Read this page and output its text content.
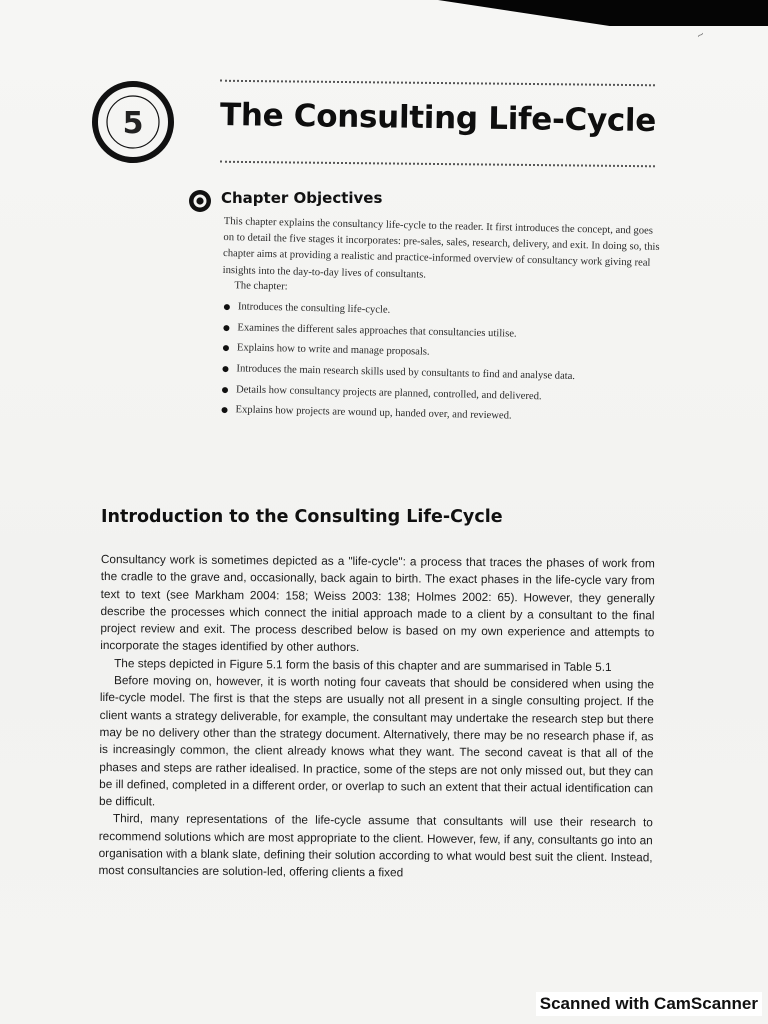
~
5 The Consulting Life-Cycle
Chapter Objectives

This chapter explains the consultancy life-cycle to the reader. It first introduces the concept, and goes on to detail the five stages it incorporates: pre-sales, sales, research, delivery, and exit. In doing so, this chapter aims at providing a realistic and practice-informed overview of consultancy work giving real insights into the day-to-day lives of consultants.

The chapter:

Introduces the consulting life-cycle.
Examines the different sales approaches that consultancies utilise.
Explains how to write and manage proposals.
Introduces the main research skills used by consultants to find and analyse data.
Details how consultancy projects are planned, controlled, and delivered.
Explains how projects are wound up, handed over, and reviewed.
Introduction to the Consulting Life-Cycle

Consultancy work is sometimes depicted as a "life-cycle": a process that traces the phases of work from the cradle to the grave and, occasionally, back again to birth. The exact phases in the life-cycle vary from text to text (see Markham 2004: 158; Weiss 2003: 138; Holmes 2002: 65). However, they generally describe the processes which connect the initial approach made to a client by a consultant to the final project review and exit. The process described below is based on my own experience and attempts to incorporate the stages identified by other authors.

The steps depicted in Figure 5.1 form the basis of this chapter and are summarised in Table 5.1

Before moving on, however, it is worth noting four caveats that should be considered when using the life-cycle model. The first is that the steps are usually not all present in a single consulting project. If the client wants a strategy deliverable, for example, the consultant may undertake the research step but there may be no delivery other than the strategy document. Alternatively, there may be no research phase if, as is increasingly common, the client already knows what they want. The second caveat is that all of the phases and steps are rather idealised. In practice, some of the steps are not only missed out, but they can be ill defined, completed in a different order, or overlap to such an extent that their actual identification can be difficult.

Third, many representations of the life-cycle assume that consultants will use their research to recommend solutions which are most appropriate to the client. However, few, if any, consultants go into an organisation with a blank slate, defining their solution according to what would best suit the client. Instead, most consultancies are solution-led, offering clients a fixed

Scanned with CamScanner
